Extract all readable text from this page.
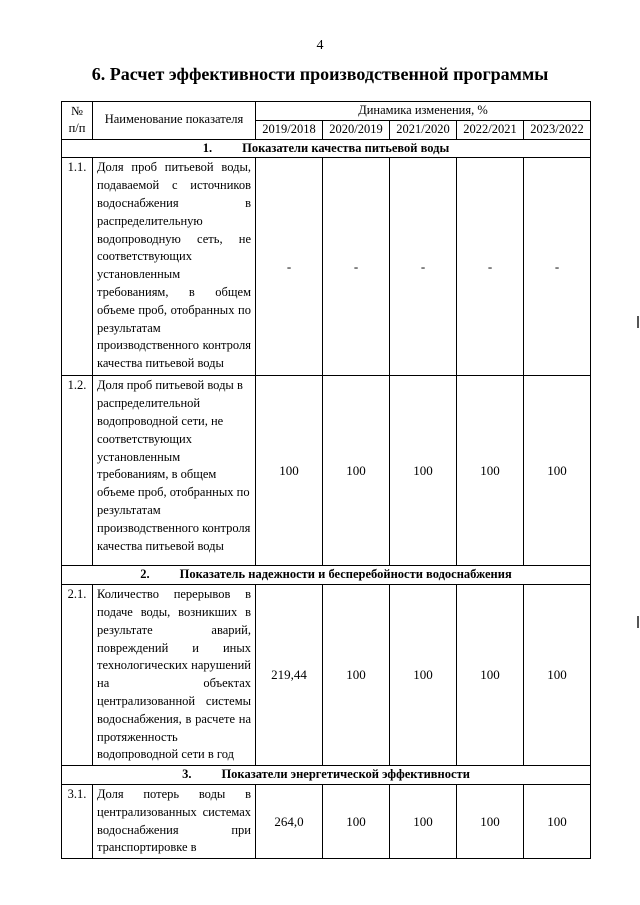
4
6. Расчет эффективности производственной программы
№ п/п	Наименование показателя	Динамика изменения, %				
		2019/2018	2020/2019	2021/2020	2022/2021	2023/2022
1. Показатели качества питьевой воды						
1.1.	Доля проб питьевой воды, подаваемой с источников водоснабжения в распределительную водопроводную сеть, не соответствующих установленным требованиям, в общем объеме проб, отобранных по результатам производственного контроля качества питьевой воды	-	-	-	-	-
1.2.	Доля проб питьевой воды в распределительной водопроводной сети, не соответствующих установленным требованиям, в общем объеме проб, отобранных по результатам производственного контроля качества питьевой воды	100	100	100	100	100
2. Показатель надежности и бесперебойности водоснабжения						
2.1.	Количество перерывов в подаче воды, возникших в результате аварий, повреждений и иных технологических нарушений на объектах централизованной системы водоснабжения, в расчете на протяженность водопроводной сети в год	219,44	100	100	100	100
3. Показатели энергетической эффективности						
3.1.	Доля потерь воды в централизованных системах водоснабжения при транспортировке в	264,0	100	100	100	100
